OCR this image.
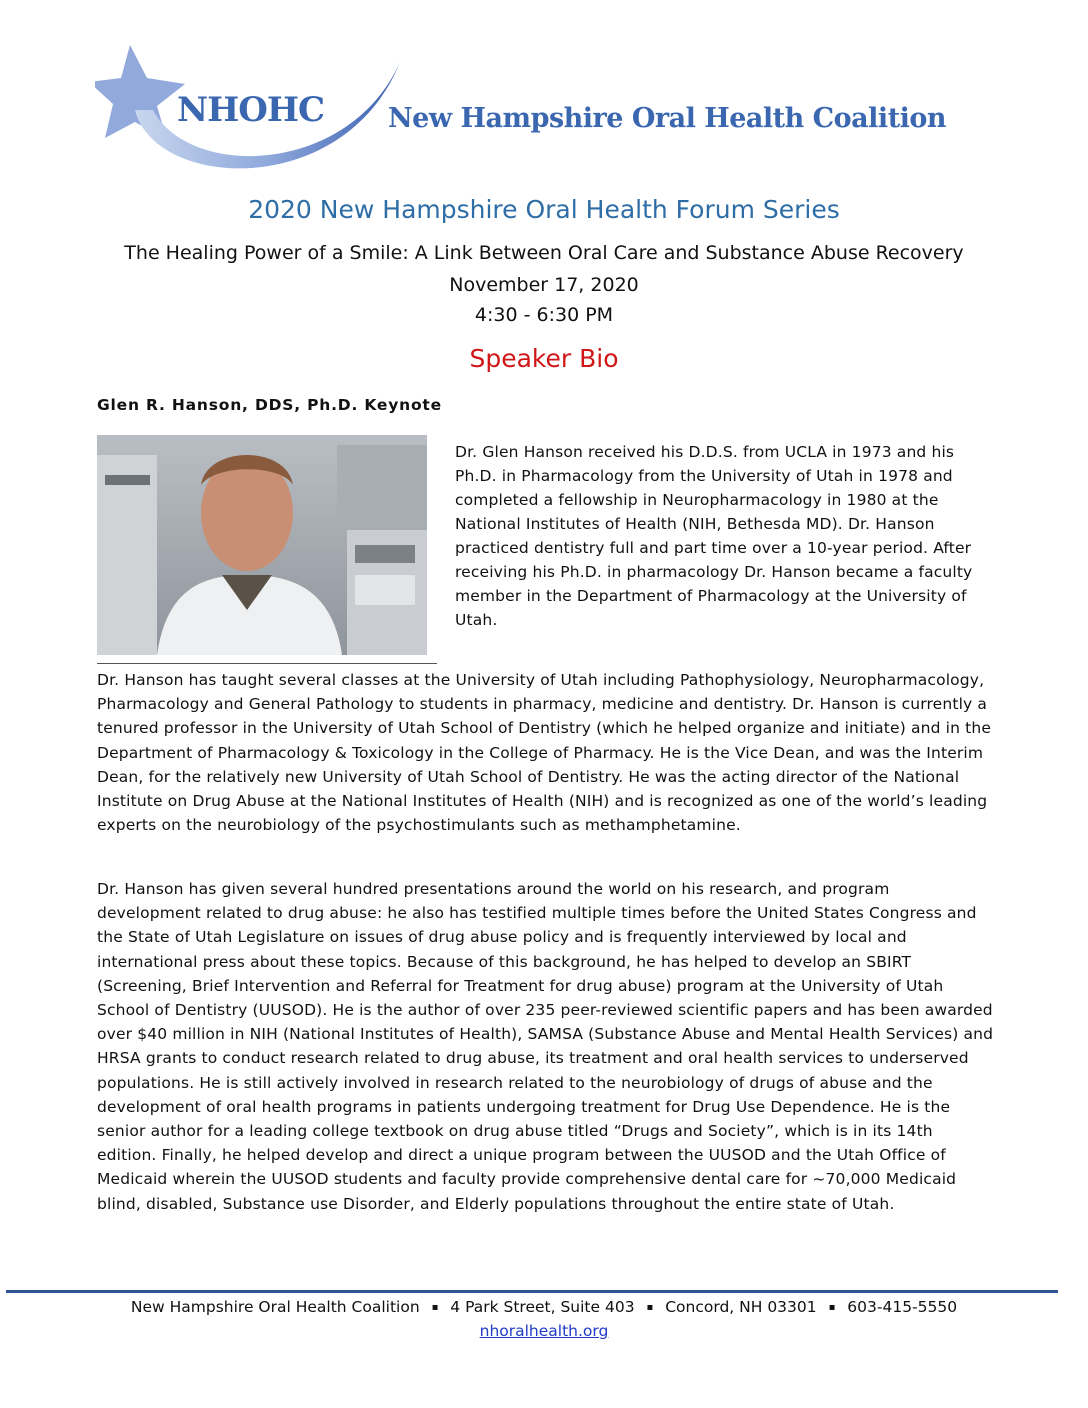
NHOHC New Hampshire Oral Health Coalition
2020 New Hampshire Oral Health Forum Series
The Healing Power of a Smile: A Link Between Oral Care and Substance Abuse Recovery
November 17, 2020
4:30 - 6:30 PM
Speaker Bio
Glen R. Hanson, DDS, Ph.D. Keynote
Dr. Glen Hanson received his D.D.S. from UCLA in 1973 and his Ph.D. in Pharmacology from the University of Utah in 1978 and completed a fellowship in Neuropharmacology in 1980 at the National Institutes of Health (NIH, Bethesda MD). Dr. Hanson practiced dentistry full and part time over a 10-year period. After receiving his Ph.D. in pharmacology Dr. Hanson became a faculty member in the Department of Pharmacology at the University of Utah.
Dr. Hanson has taught several classes at the University of Utah including Pathophysiology, Neuropharmacology, Pharmacology and General Pathology to students in pharmacy, medicine and dentistry. Dr. Hanson is currently a tenured professor in the University of Utah School of Dentistry (which he helped organize and initiate) and in the Department of Pharmacology & Toxicology in the College of Pharmacy. He is the Vice Dean, and was the Interim Dean, for the relatively new University of Utah School of Dentistry. He was the acting director of the National Institute on Drug Abuse at the National Institutes of Health (NIH) and is recognized as one of the world’s leading experts on the neurobiology of the psychostimulants such as methamphetamine.
Dr. Hanson has given several hundred presentations around the world on his research, and program development related to drug abuse: he also has testified multiple times before the United States Congress and the State of Utah Legislature on issues of drug abuse policy and is frequently interviewed by local and international press about these topics. Because of this background, he has helped to develop an SBIRT (Screening, Brief Intervention and Referral for Treatment for drug abuse) program at the University of Utah School of Dentistry (UUSOD). He is the author of over 235 peer-reviewed scientific papers and has been awarded over $40 million in NIH (National Institutes of Health), SAMSA (Substance Abuse and Mental Health Services) and HRSA grants to conduct research related to drug abuse, its treatment and oral health services to underserved populations. He is still actively involved in research related to the neurobiology of drugs of abuse and the development of oral health programs in patients undergoing treatment for Drug Use Dependence. He is the senior author for a leading college textbook on drug abuse titled “Drugs and Society”, which is in its 14th edition. Finally, he helped develop and direct a unique program between the UUSOD and the Utah Office of Medicaid wherein the UUSOD students and faculty provide comprehensive dental care for ~70,000 Medicaid blind, disabled, Substance use Disorder, and Elderly populations throughout the entire state of Utah.
New Hampshire Oral Health Coalition ▪ 4 Park Street, Suite 403 ▪ Concord, NH 03301 ▪ 603-415-5550
nhoralhealth.org
